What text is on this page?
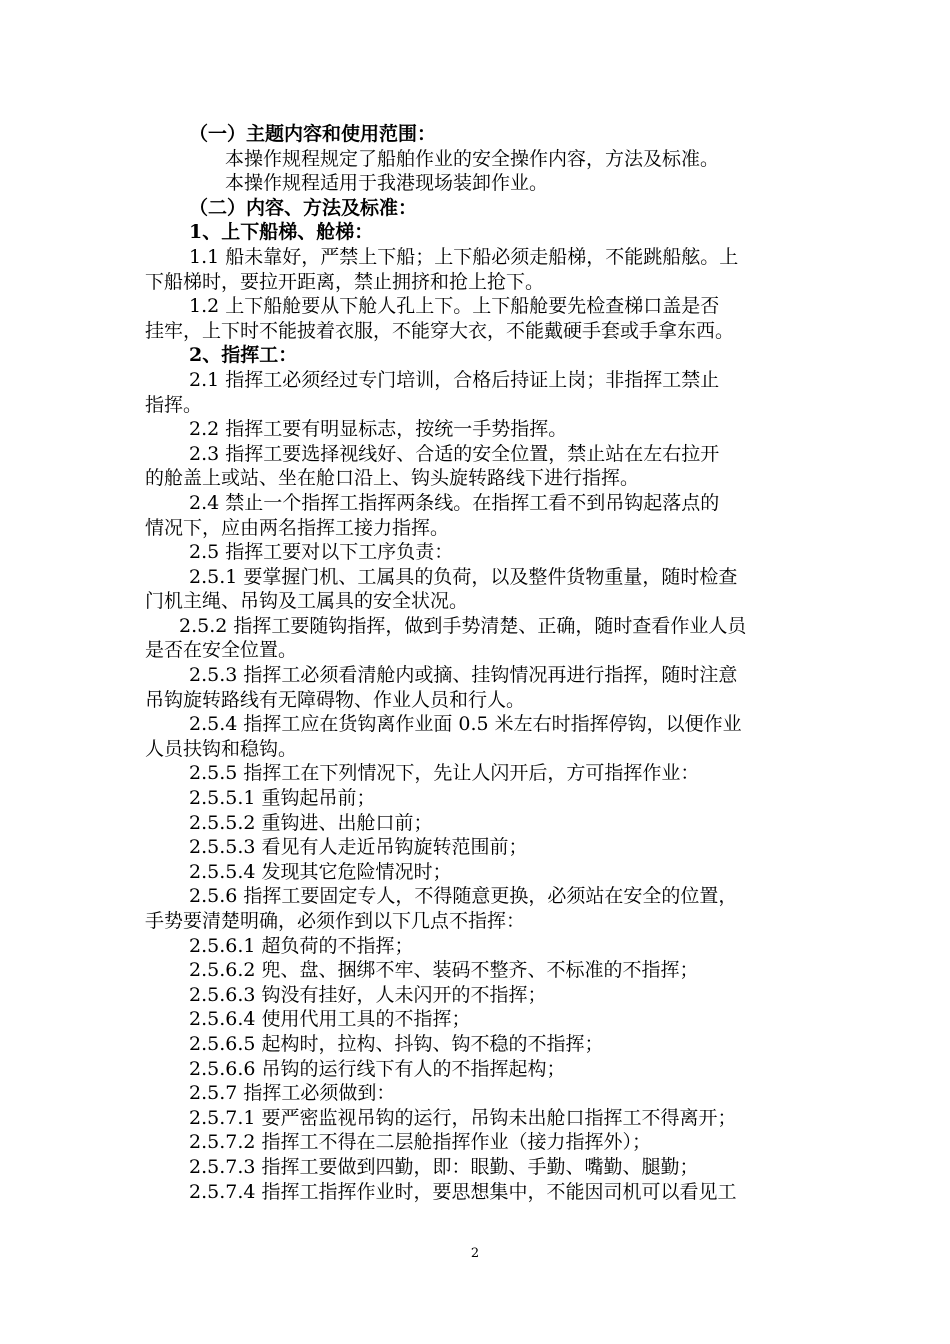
（一）主题内容和使用范围：
本操作规程规定了船舶作业的安全操作内容，方法及标准。
本操作规程适用于我港现场装卸作业。
（二）内容、方法及标准：
1、上下船梯、舱梯：
1.1 船未靠好，严禁上下船；上下船必须走船梯，不能跳船舷。上
下船梯时，要拉开距离，禁止拥挤和抢上抢下。
1.2 上下船舱要从下舱人孔上下。上下船舱要先检查梯口盖是否
挂牢，上下时不能披着衣服，不能穿大衣，不能戴硬手套或手拿东西。
2、指挥工：
2.1 指挥工必须经过专门培训，合格后持证上岗；非指挥工禁止
指挥。
2.2 指挥工要有明显标志，按统一手势指挥。
2.3 指挥工要选择视线好、合适的安全位置，禁止站在左右拉开
的舱盖上或站、坐在舱口沿上、钩头旋转路线下进行指挥。
2.4 禁止一个指挥工指挥两条线。在指挥工看不到吊钩起落点的
情况下，应由两名指挥工接力指挥。
2.5 指挥工要对以下工序负责：
2.5.1 要掌握门机、工属具的负荷，以及整件货物重量，随时检查
门机主绳、吊钩及工属具的安全状况。
2.5.2 指挥工要随钩指挥，做到手势清楚、正确，随时查看作业人员
是否在安全位置。
2.5.3 指挥工必须看清舱内或摘、挂钩情况再进行指挥，随时注意
吊钩旋转路线有无障碍物、作业人员和行人。
2.5.4 指挥工应在货钩离作业面 0.5 米左右时指挥停钩，以便作业
人员扶钩和稳钩。
2.5.5 指挥工在下列情况下，先让人闪开后，方可指挥作业：
2.5.5.1 重钩起吊前；
2.5.5.2 重钩进、出舱口前；
2.5.5.3 看见有人走近吊钩旋转范围前；
2.5.5.4 发现其它危险情况时；
2.5.6 指挥工要固定专人，不得随意更换，必须站在安全的位置，
手势要清楚明确，必须作到以下几点不指挥：
2.5.6.1 超负荷的不指挥；
2.5.6.2 兜、盘、捆绑不牢、装码不整齐、不标准的不指挥；
2.5.6.3 钩没有挂好，人未闪开的不指挥；
2.5.6.4 使用代用工具的不指挥；
2.5.6.5 起构时，拉构、抖钩、钩不稳的不指挥；
2.5.6.6 吊钩的运行线下有人的不指挥起构；
2.5.7 指挥工必须做到：
2.5.7.1 要严密监视吊钩的运行，吊钩未出舱口指挥工不得离开；
2.5.7.2 指挥工不得在二层舱指挥作业（接力指挥外）；
2.5.7.3 指挥工要做到四勤，即：眼勤、手勤、嘴勤、腿勤；
2.5.7.4 指挥工指挥作业时，要思想集中，不能因司机可以看见工
2
